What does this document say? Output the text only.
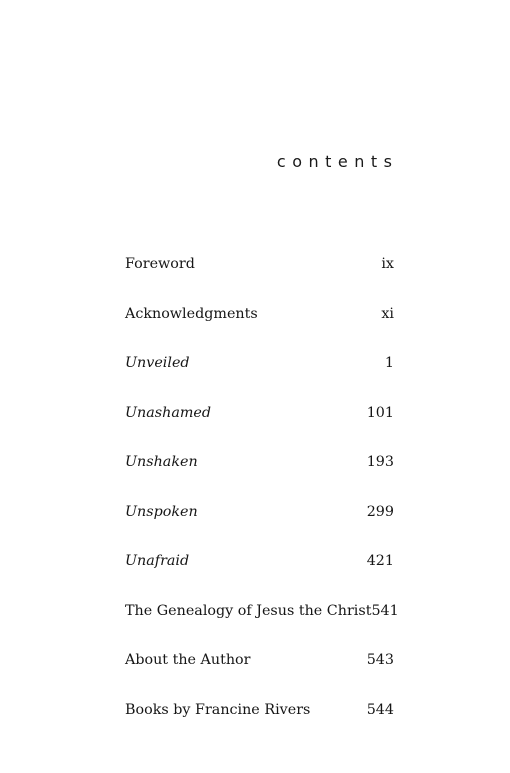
contents
Foreword	ix
Acknowledgments	xi
Unveiled	1
Unashamed	101
Unshaken	193
Unspoken	299
Unafraid	421
The Genealogy of Jesus the Christ 541
About the Author	543
Books by Francine Rivers	544
